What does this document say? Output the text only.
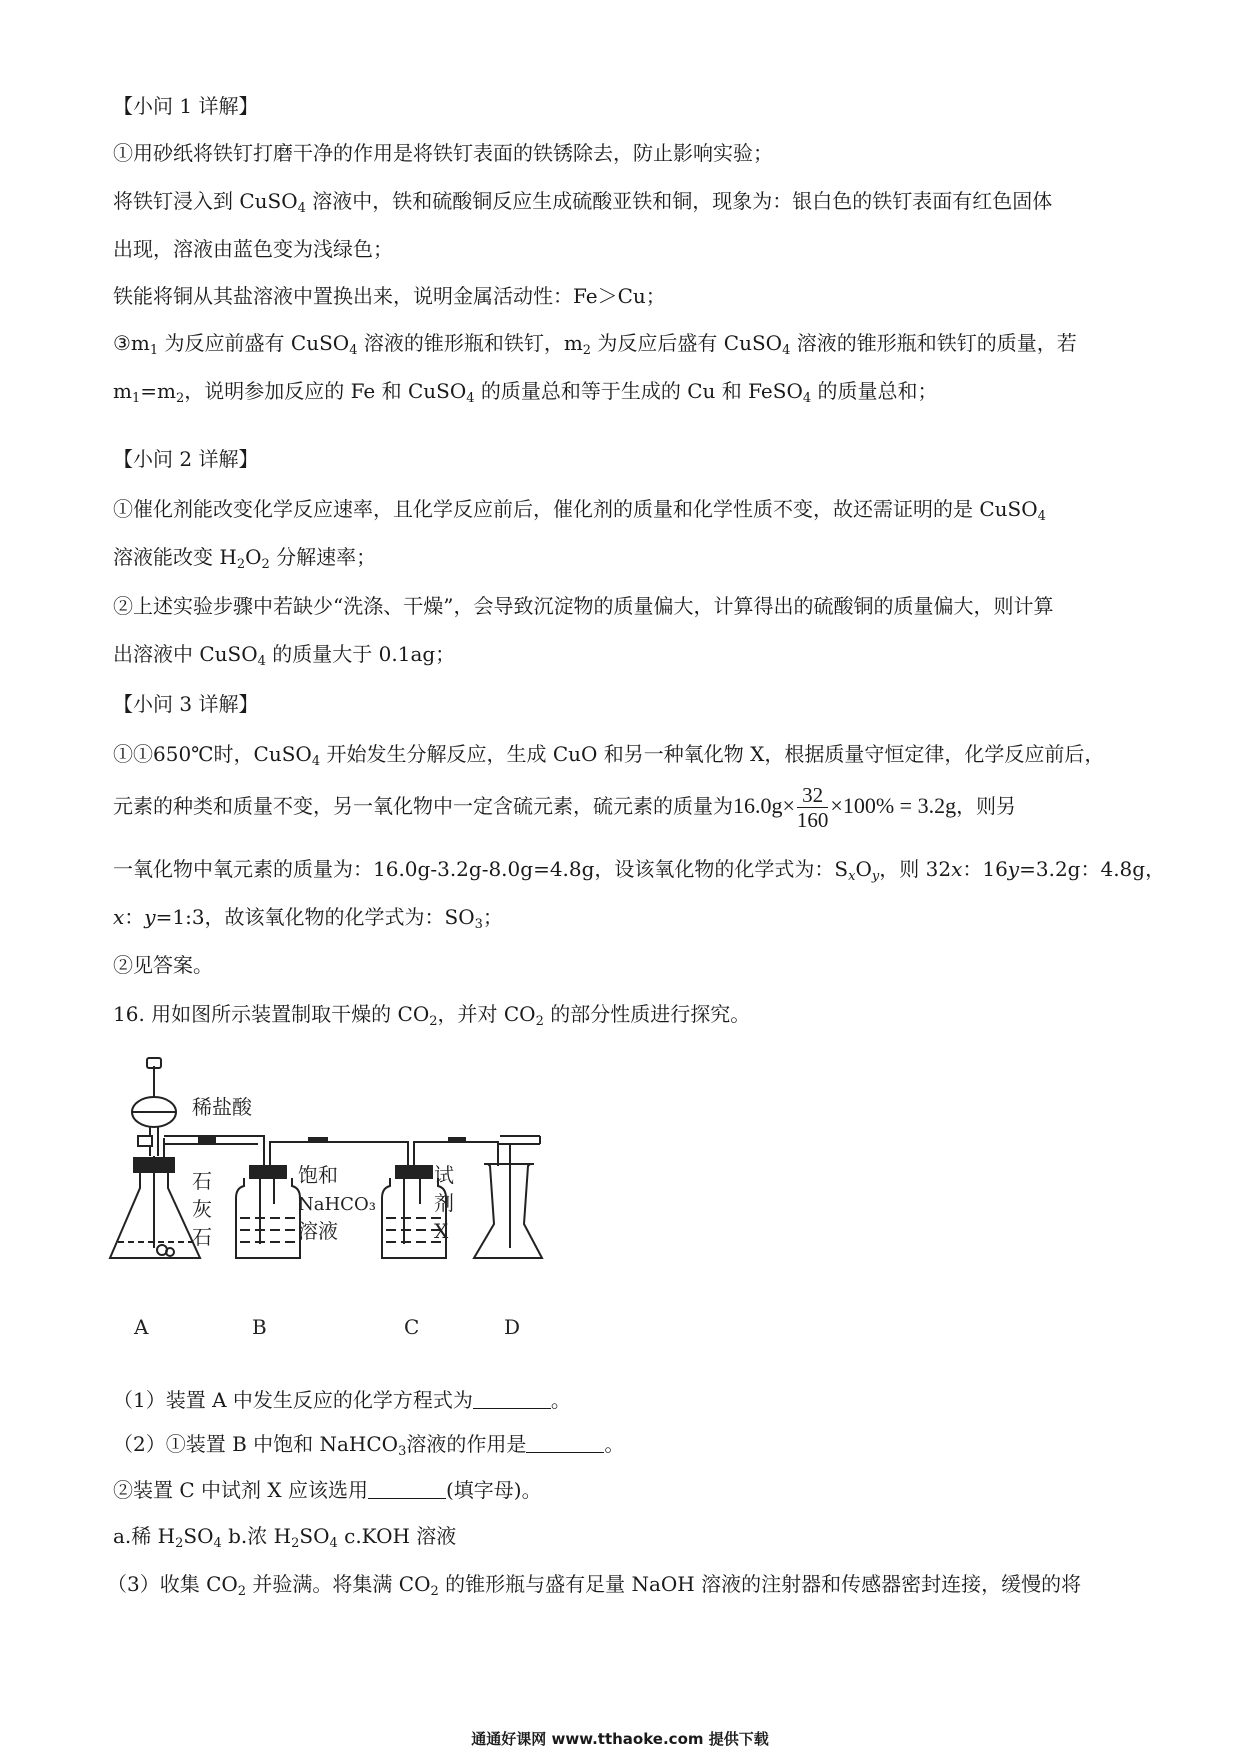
【小问 1 详解】
①用砂纸将铁钉打磨干净的作用是将铁钉表面的铁锈除去，防止影响实验；
将铁钉浸入到 CuSO$_4$ 溶液中，铁和硫酸铜反应生成硫酸亚铁和铜，现象为：银白色的铁钉表面有红色固体
出现，溶液由蓝色变为浅绿色；
铁能将铜从其盐溶液中置换出来，说明金属活动性：Fe＞Cu；
$③m_1$ 为反应前盛有 CuSO$_4$ 溶液的锥形瓶和铁钉，$m_2$ 为反应后盛有 CuSO$_4$ 溶液的锥形瓶和铁钉的质量，若
$m_1=m_2$，说明参加反应的 Fe 和 CuSO$_4$ 的质量总和等于生成的 Cu 和 FeSO$_4$ 的质量总和；
【小问 2 详解】
①催化剂能改变化学反应速率，且化学反应前后，催化剂的质量和化学性质不变，故还需证明的是 CuSO$_4$
溶液能改变 $H_2O_2$ 分解速率；
②上述实验步骤中若缺少“洗涤、干燥”，会导致沉淀物的质量偏大，计算得出的硫酸铜的质量偏大，则计算
出溶液中 CuSO$_4$ 的质量大于 0.1ag；
【小问 3 详解】
①①650℃时，CuSO$_4$ 开始发生分解反应，生成 CuO 和另一种氧化物 X，根据质量守恒定律，化学反应前后，
元素的种类和质量不变，另一氧化物中一定含硫元素，硫元素的质量为$16.0g\times \frac{32}{160} \times 100\% = 3.2g$，则另
一氧化物中氧元素的质量为：16.0g-3.2g-8.0g=4.8g，设该氧化物的化学式为：$S_xO_y$，则 32x：16y=3.2g：4.8g，
x：y=1:3，故该氧化物的化学式为：$SO_3$；
②见答案。
16. 用如图所示装置制取干燥的 $CO_2$，并对 $CO_2$ 的部分性质进行探究。
稀盐酸
石
灰
石
饱和
NaHCO₃
溶液
试
剂
X
A	B	C	D
（1）装置 A 中发生反应的化学方程式为	。
（2）①装置 B 中饱和 NaHCO$_3$溶液的作用是	。
②装置 C 中试剂 X 应该选用	(填字母)。
a.稀 $H_2SO_4$ b.浓 $H_2SO_4$ c.KOH 溶液
（3）收集 $CO_2$ 并验满。将集满 $CO_2$ 的锥形瓶与盛有足量 NaOH 溶液的注射器和传感器密封连接，缓慢的将
通通好课网 www.tthaoke.com 提供下载
